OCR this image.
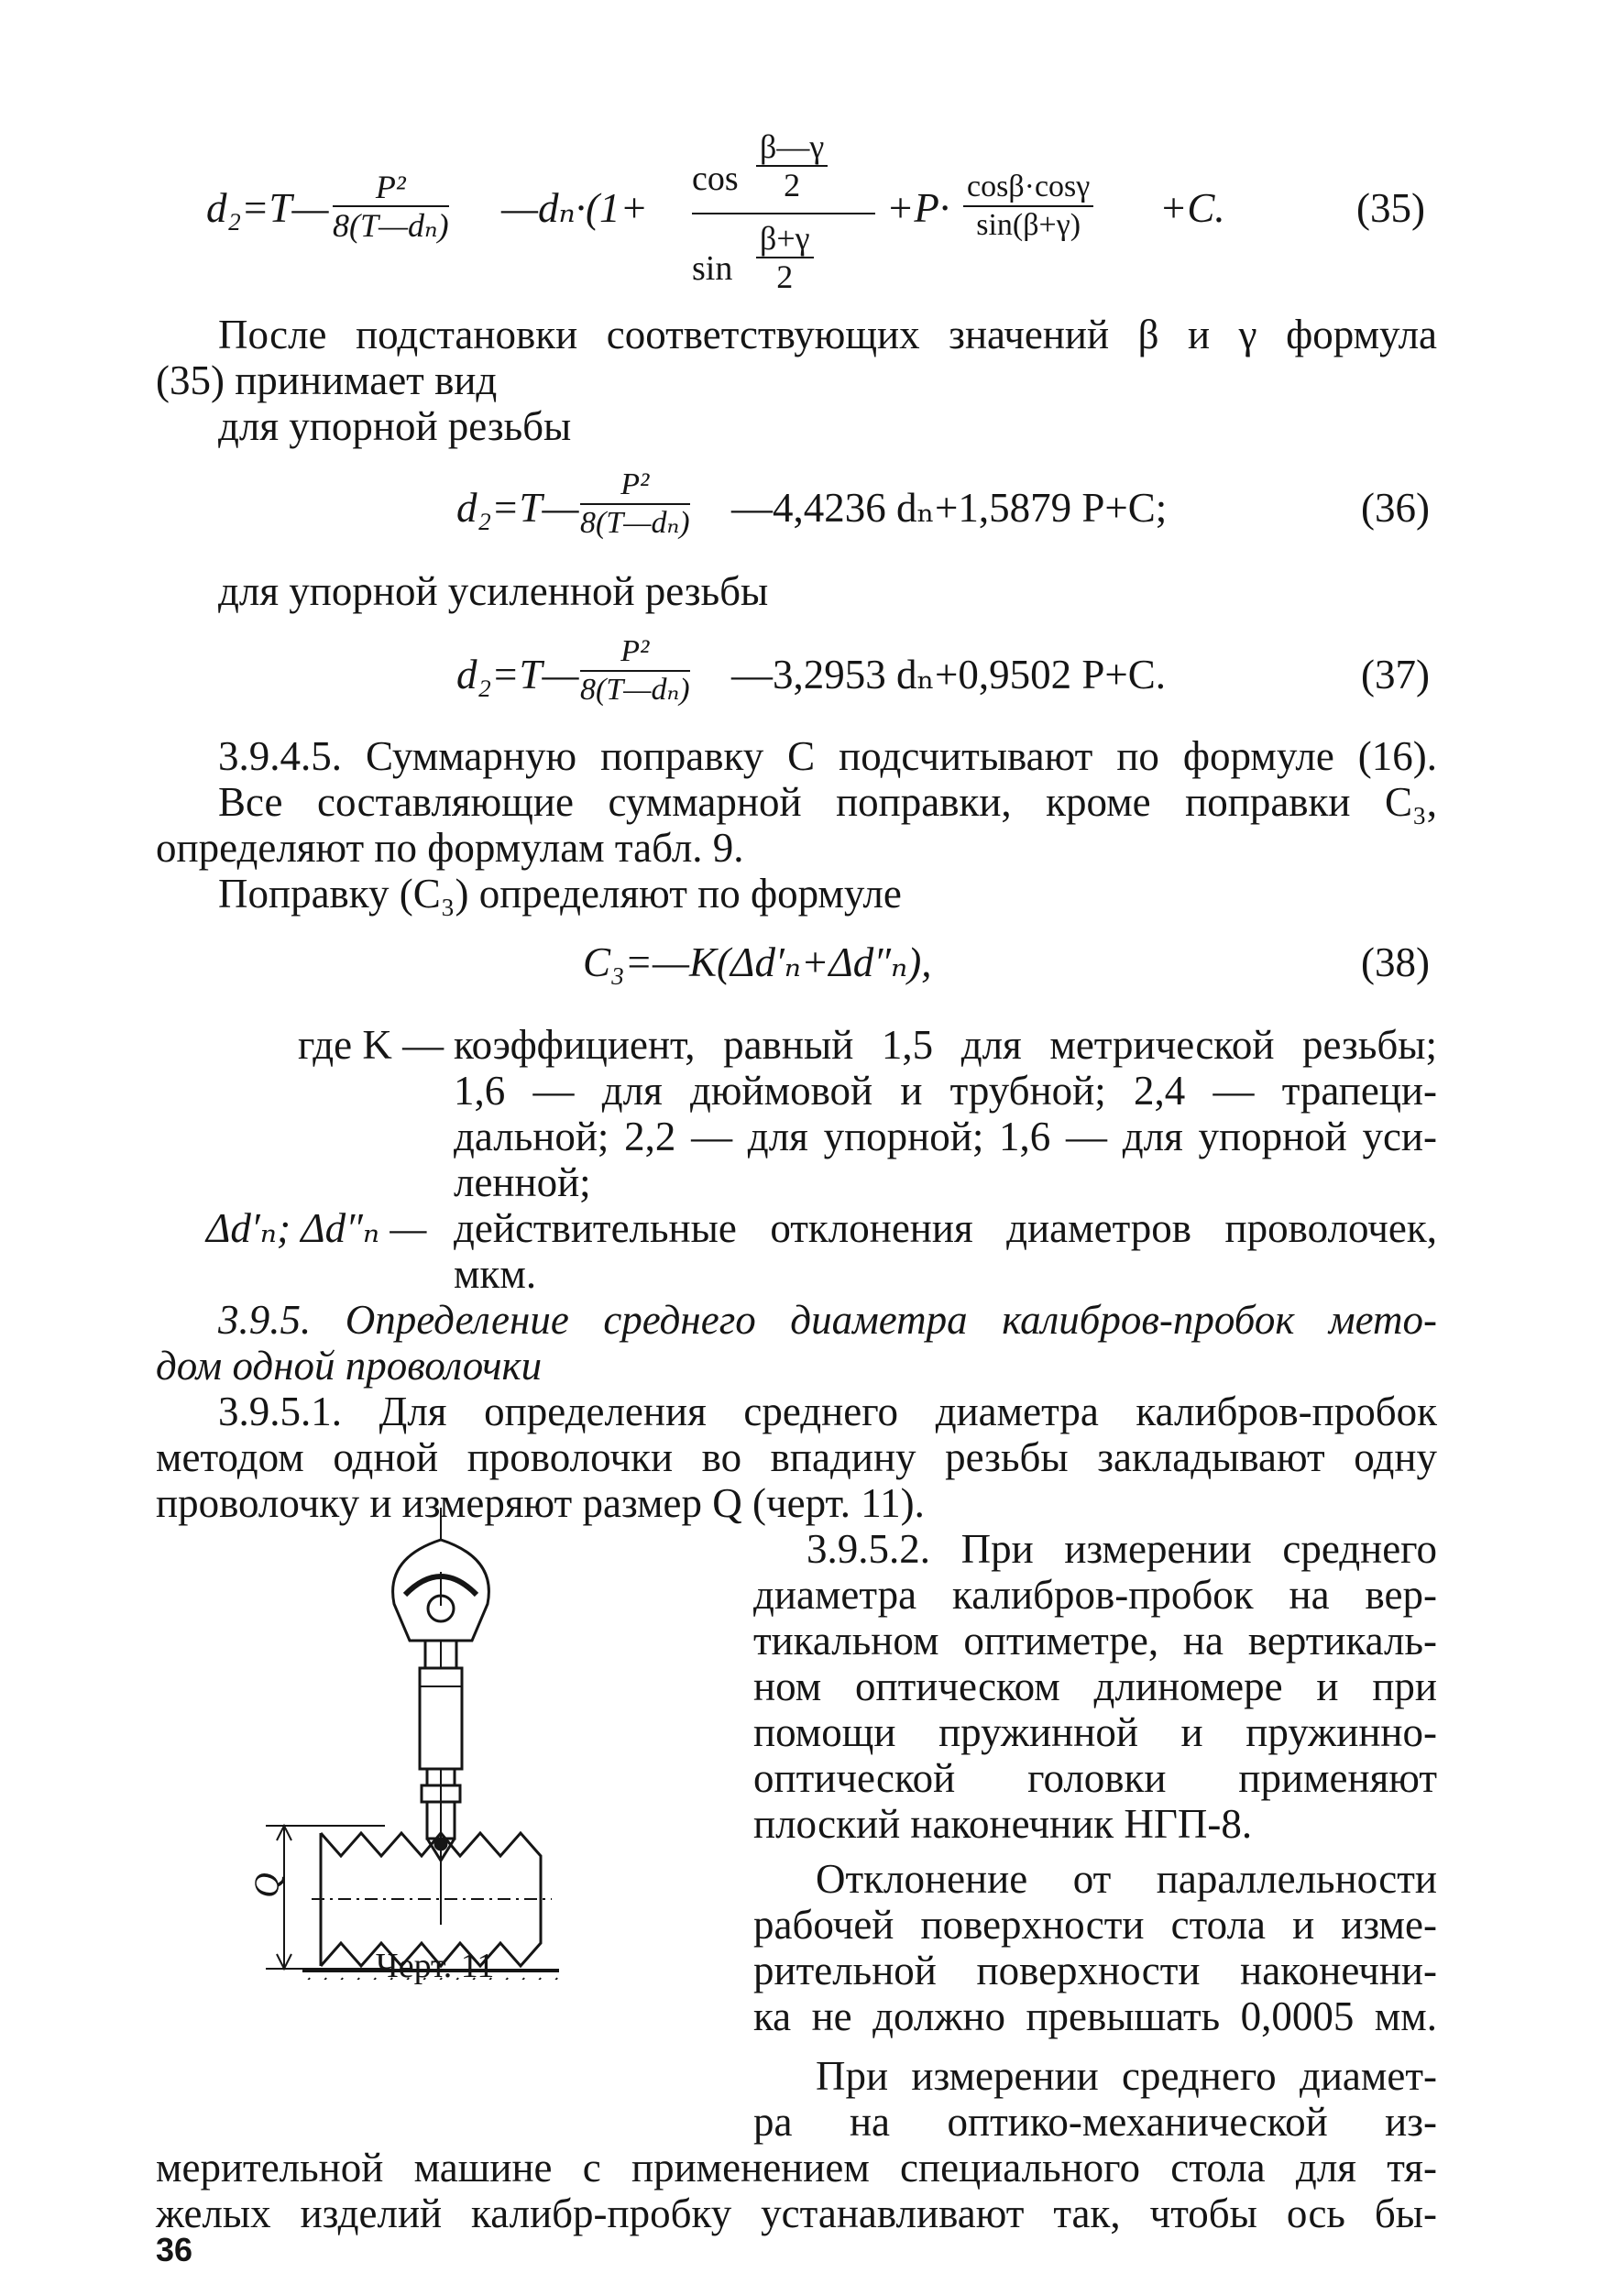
d₂=T— $\frac{\text{P²}}{\text{8(T—dₙ)}}$ —dₙ·(1+
$\cos \frac{\beta—\gamma}{2}$
$\sin \frac{\beta+\gamma}{2}$
$+P\cdot \frac{\cos\beta\cdot\cos\gamma}{\sin(\beta+\gamma)} +C$.	(35)
После подстановки соответствующих значений β и γ формула
(35) принимает вид
для упорной резьбы
d₂=T— $\frac{\text{P²}}{\text{8(T—dₙ)}}$ —4,4236 dₙ+1,5879 P+C;	(36)
для упорной усиленной резьбы
d₂=T— $\frac{\text{P²}}{\text{8(T—dₙ)}}$ —3,2953 dₙ+0,9502 P+C.	(37)
3.9.4.5. Суммарную поправку C подсчитывают по формуле (16).
Все составляющие суммарной поправки, кроме поправки C₃,
определяют по формулам табл. 9.
Поправку (C₃) определяют по формуле
C₃=—K(Δd′ₙ+Δd″ₙ),	(38)
где K — коэффициент, равный 1,5 для метрической резьбы;
1,6 — для дюймовой и трубной; 2,4 — трапеци-
дальной; 2,2 — для упорной; 1,6 — для упорной уси-
ленной;
Δd′ₙ; Δd″ₙ — действительные отклонения диаметров проволочек,
мкм.
3.9.5. Определение среднего диаметра калибров-пробок мето-
дом одной проволочки
3.9.5.1. Для определения среднего диаметра калибров-пробок
методом одной проволочки во впадину резьбы закладывают одну
проволочку и измеряют размер Q (черт. 11).
Q
Черт. 11
3.9.5.2. При измерении среднего
диаметра калибров-пробок на вер-
тикальном оптиметре, на вертикаль-
ном оптическом длиномере и при
помощи пружинной и пружинно-
оптической головки применяют
плоский наконечник НГП-8.
Отклонение от параллельности
рабочей поверхности стола и изме-
рительной поверхности наконечни-
ка не должно превышать 0,0005 мм.
При измерении среднего диамет-
ра на оптико-механической из-
мерительной машине с применением специального стола для тя-
желых изделий калибр-пробку устанавливают так, чтобы ось бы-
36
